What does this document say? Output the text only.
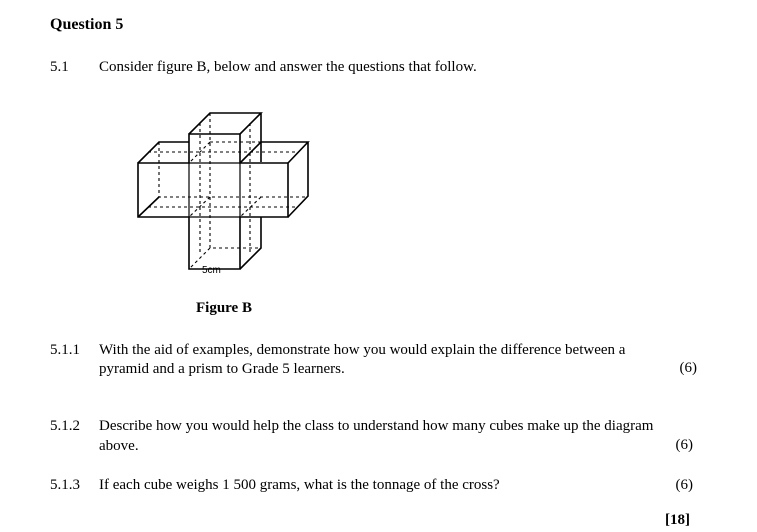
Question 5
5.1 Consider figure B, below and answer the questions that follow.
5cm
Figure B
5.1.1 With the aid of examples, demonstrate how you would explain the difference between a
pyramid and a prism to Grade 5 learners.	(6)
5.1.2 Describe how you would help the class to understand how many cubes make up the diagram
above.	(6)
5.1.3 If each cube weighs 1 500 grams, what is the tonnage of the cross?	(6)
[18]
